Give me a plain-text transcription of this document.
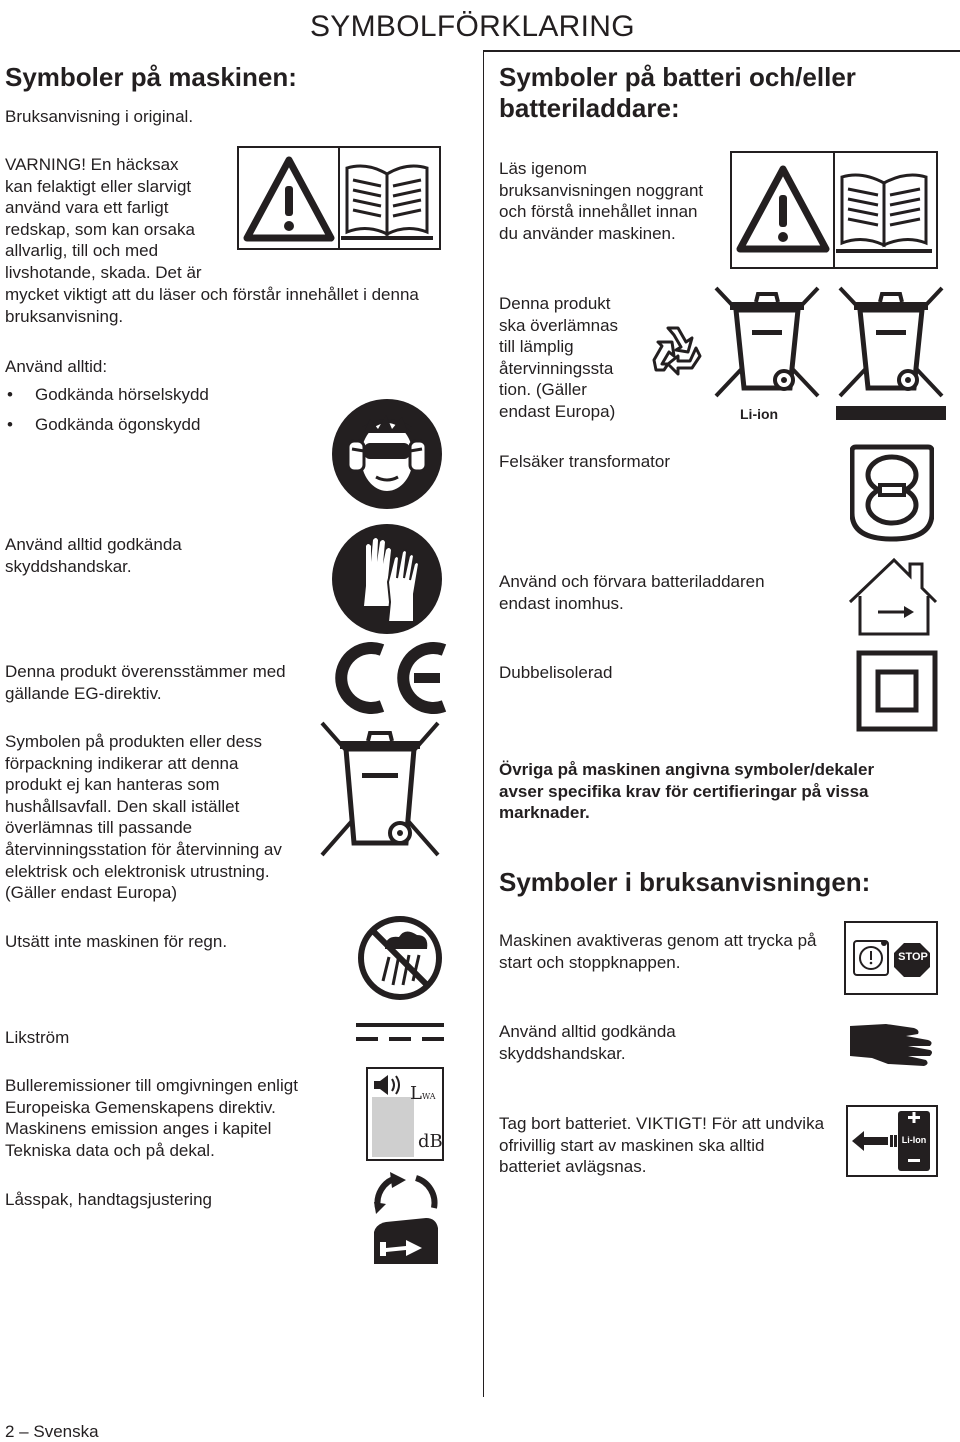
SYMBOLFÖRKLARING
Symboler på maskinen:
Bruksanvisning i original.
VARNING! En häcksax
kan felaktigt eller slarvigt
använd vara ett farligt
redskap, som kan orsaka
allvarlig, till och med
livshotande, skada. Det är
mycket viktigt att du läser och förstår innehållet i denna bruksanvisning.
Använd alltid:
• Godkända hörselskydd
• Godkända ögonskydd
Använd alltid godkända skyddshandskar.
Denna produkt överensstämmer med gällande EG-direktiv.
Symbolen på produkten eller dess förpackning indikerar att denna produkt ej kan hanteras som hushållsavfall. Den skall istället överlämnas till passande återvinningsstation för återvinning av elektrisk och elektronisk utrustning. (Gäller endast Europa)
Utsätt inte maskinen för regn.
Likström
Bulleremissioner till omgivningen enligt Europeiska Gemenskapens direktiv. Maskinens emission anges i kapitel Tekniska data och på dekal.
LWA
dB
Låsspak, handtagsjustering
Symboler på batteri och/eller batteriladdare:
Läs igenom bruksanvisningen noggrant och förstå innehållet innan du använder maskinen.
Denna produkt
ska överlämnas
till lämplig
återvinningssta
tion. (Gäller
endast Europa)	Li-ion
Felsäker transformator
Använd och förvara batteriladdaren endast inomhus.
Dubbelisolerad
Övriga på maskinen angivna symboler/dekaler avser specifika krav för certifieringar på vissa marknader.
Symboler i bruksanvisningen:
Maskinen avaktiveras genom att trycka på start och stoppknappen.	STOP
Använd alltid godkända skyddshandskar.
Tag bort batteriet. VIKTIGT! För att undvika ofrivillig start av maskinen ska alltid batteriet avlägsnas.
Li-Ion
2 – Svenska
